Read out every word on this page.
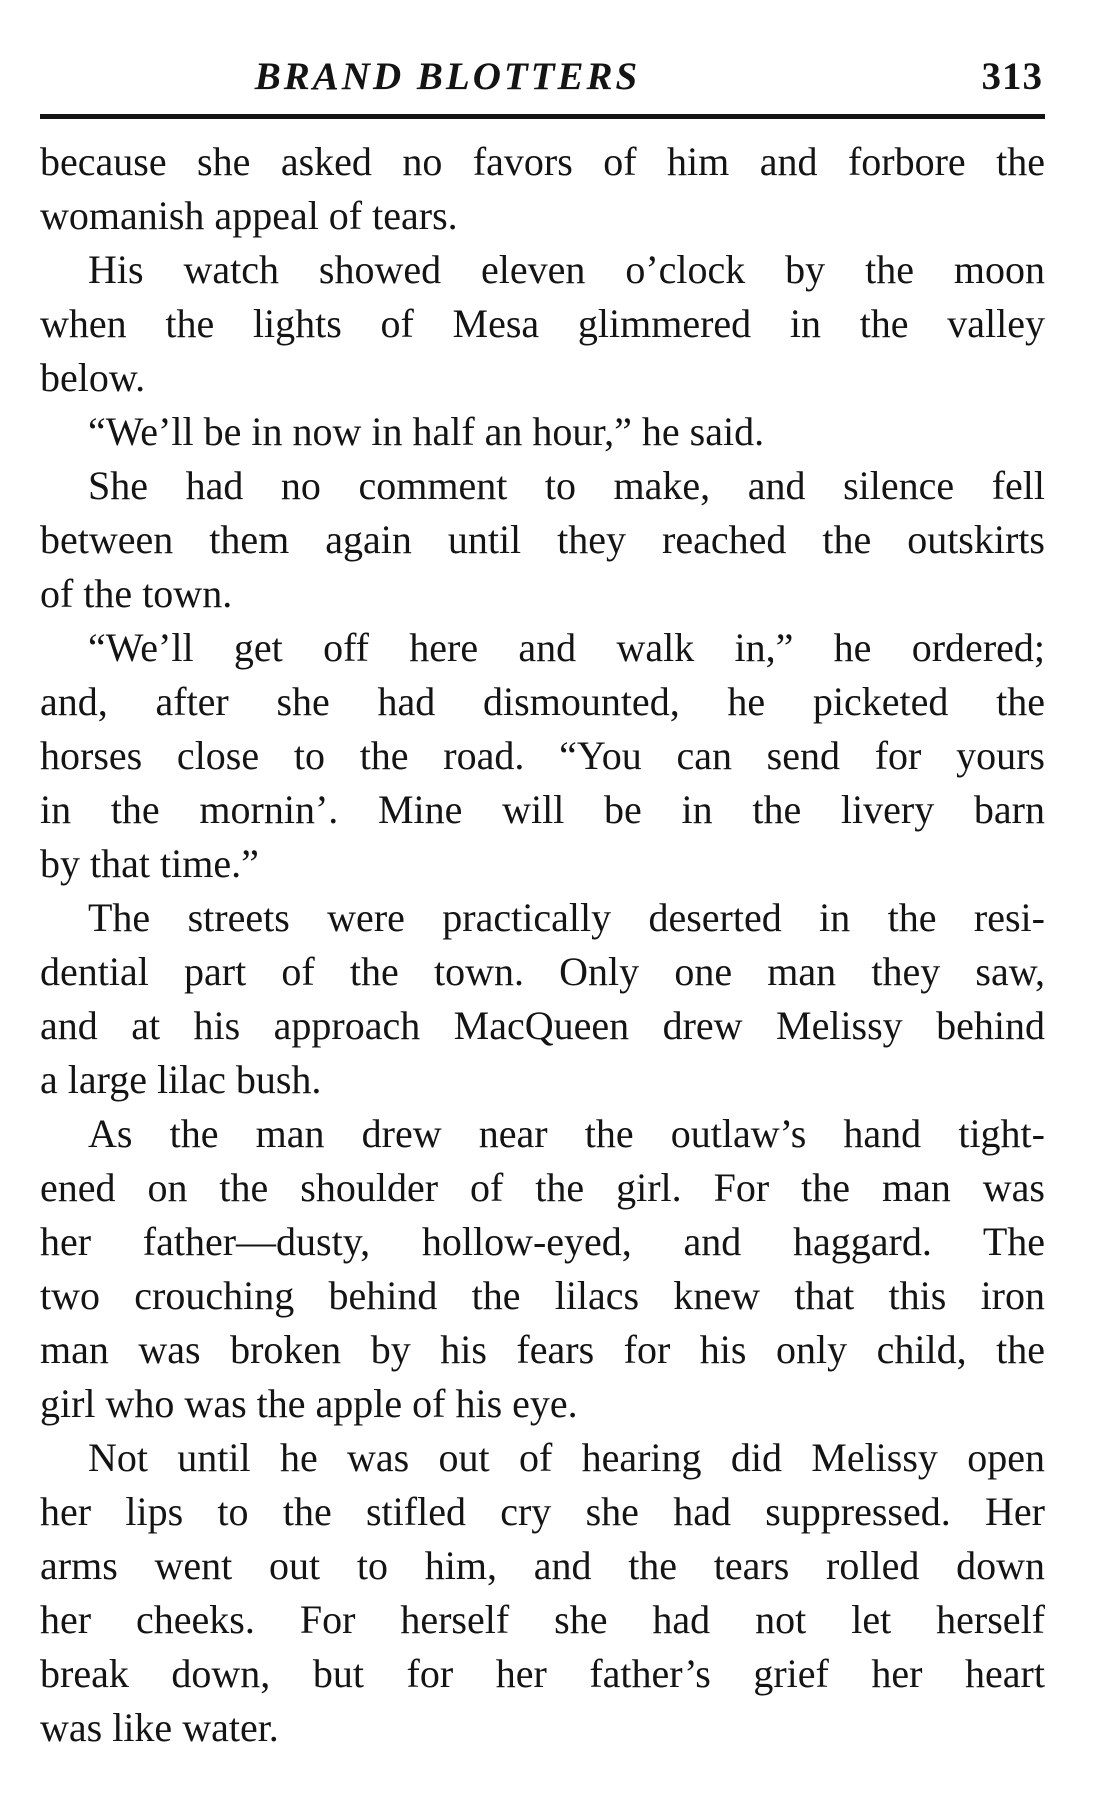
BRAND BLOTTERS	313
because she asked no favors of him and forbore the
womanish appeal of tears.
His watch showed eleven o’clock by the moon
when the lights of Mesa glimmered in the valley
below.
“We’ll be in now in half an hour,” he said.
She had no comment to make, and silence fell
between them again until they reached the outskirts
of the town.
“We’ll get off here and walk in,” he ordered;
and, after she had dismounted, he picketed the
horses close to the road. “You can send for yours
in the mornin’. Mine will be in the livery barn
by that time.”
The streets were practically deserted in the resi-
dential part of the town. Only one man they saw,
and at his approach MacQueen drew Melissy behind
a large lilac bush.
As the man drew near the outlaw’s hand tight-
ened on the shoulder of the girl. For the man was
her father—dusty, hollow-eyed, and haggard. The
two crouching behind the lilacs knew that this iron
man was broken by his fears for his only child, the
girl who was the apple of his eye.
Not until he was out of hearing did Melissy open
her lips to the stifled cry she had suppressed. Her
arms went out to him, and the tears rolled down
her cheeks. For herself she had not let herself
break down, but for her father’s grief her heart
was like water.
